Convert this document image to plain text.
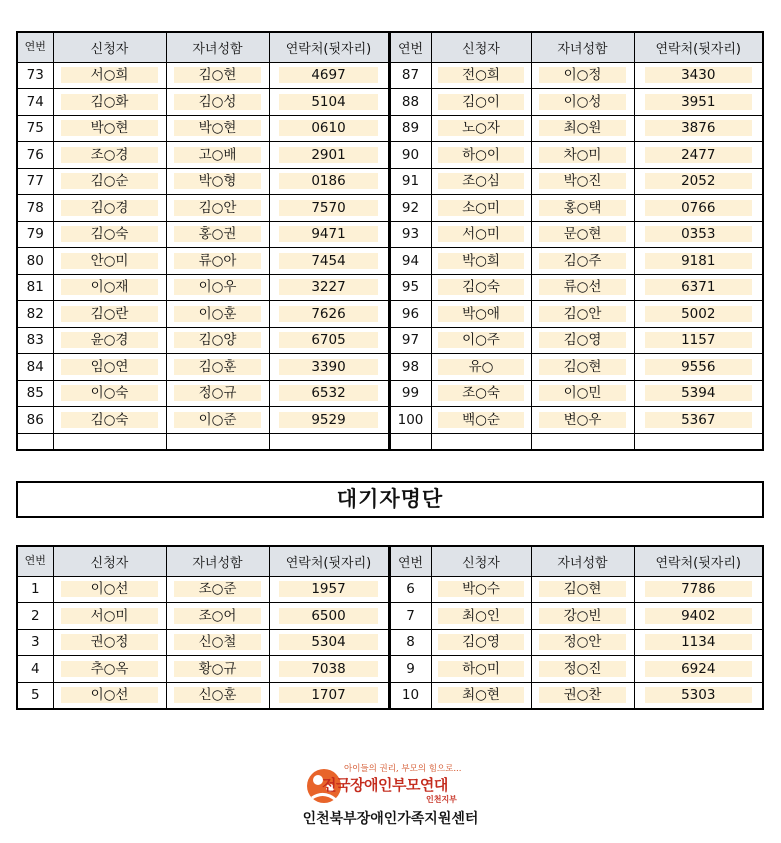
연번	신청자	자녀성함	연락처(뒷자리)	연번	신청자	자녀성함	연락처(뒷자리)
73	서○희	김○현	4697	87	전○희	이○정	3430
74	김○화	김○성	5104	88	김○이	이○성	3951
75	박○현	박○현	0610	89	노○자	최○원	3876
76	조○경	고○배	2901	90	하○이	차○미	2477
77	김○순	박○형	0186	91	조○심	박○진	2052
78	김○경	김○안	7570	92	소○미	홍○택	0766
79	김○숙	홍○권	9471	93	서○미	문○현	0353
80	안○미	류○아	7454	94	박○희	김○주	9181
81	이○재	이○우	3227	95	김○숙	류○선	6371
82	김○란	이○훈	7626	96	박○애	김○안	5002
83	윤○경	김○양	6705	97	이○주	김○영	1157
84	임○연	김○훈	3390	98	유○	김○현	9556
85	이○숙	정○규	6532	99	조○숙	이○민	5394
86	김○숙	이○준	9529	100	백○순	변○우	5367

대기자명단
연번	신청자	자녀성함	연락처(뒷자리)	연번	신청자	자녀성함	연락처(뒷자리)
1	이○선	조○준	1957	6	박○수	김○현	7786
2	서○미	조○어	6500	7	최○인	강○빈	9402
3	권○정	신○철	5304	8	김○영	정○안	1134
4	추○옥	황○규	7038	9	하○미	정○진	6924
5	이○선	신○훈	1707	10	최○현	권○찬	5303
아이들의 권리, 부모의 힘으로...
전국장애인부모연대
인천지부
인천북부장애인가족지원센터
